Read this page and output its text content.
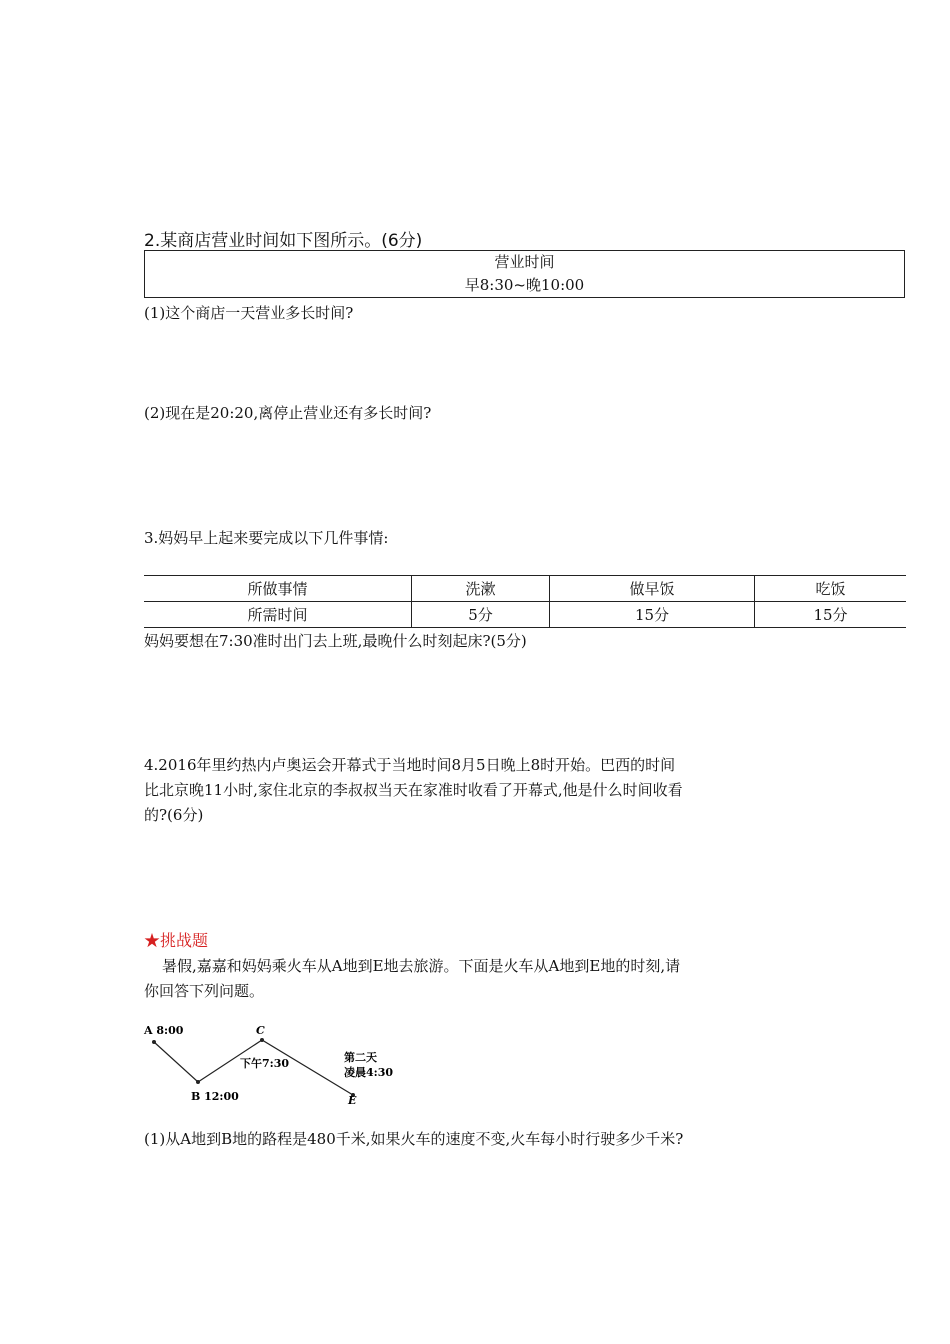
2.某商店营业时间如下图所示。(6分)
营业时间
早8:30~晚10:00
(1)这个商店一天营业多长时间?
(2)现在是20:20,离停止营业还有多长时间?
3.妈妈早上起来要完成以下几件事情:
所做事情	洗漱	做早饭	吃饭
所需时间	5分	15分	15分
妈妈要想在7:30准时出门去上班,最晚什么时刻起床?(5分)
4.2016年里约热内卢奥运会开幕式于当地时间8月5日晚上8时开始。巴西的时间
比北京晚11小时,家住北京的李叔叔当天在家准时收看了开幕式,他是什么时间收看
的?(6分)
★挑战题
暑假,嘉嘉和妈妈乘火车从A地到E地去旅游。下面是火车从A地到E地的时刻,请
你回答下列问题。
A 8:00
B 12:00
C
下午7:30	第二天
凌晨4:30
E
(1)从A地到B地的路程是480千米,如果火车的速度不变,火车每小时行驶多少千米?
